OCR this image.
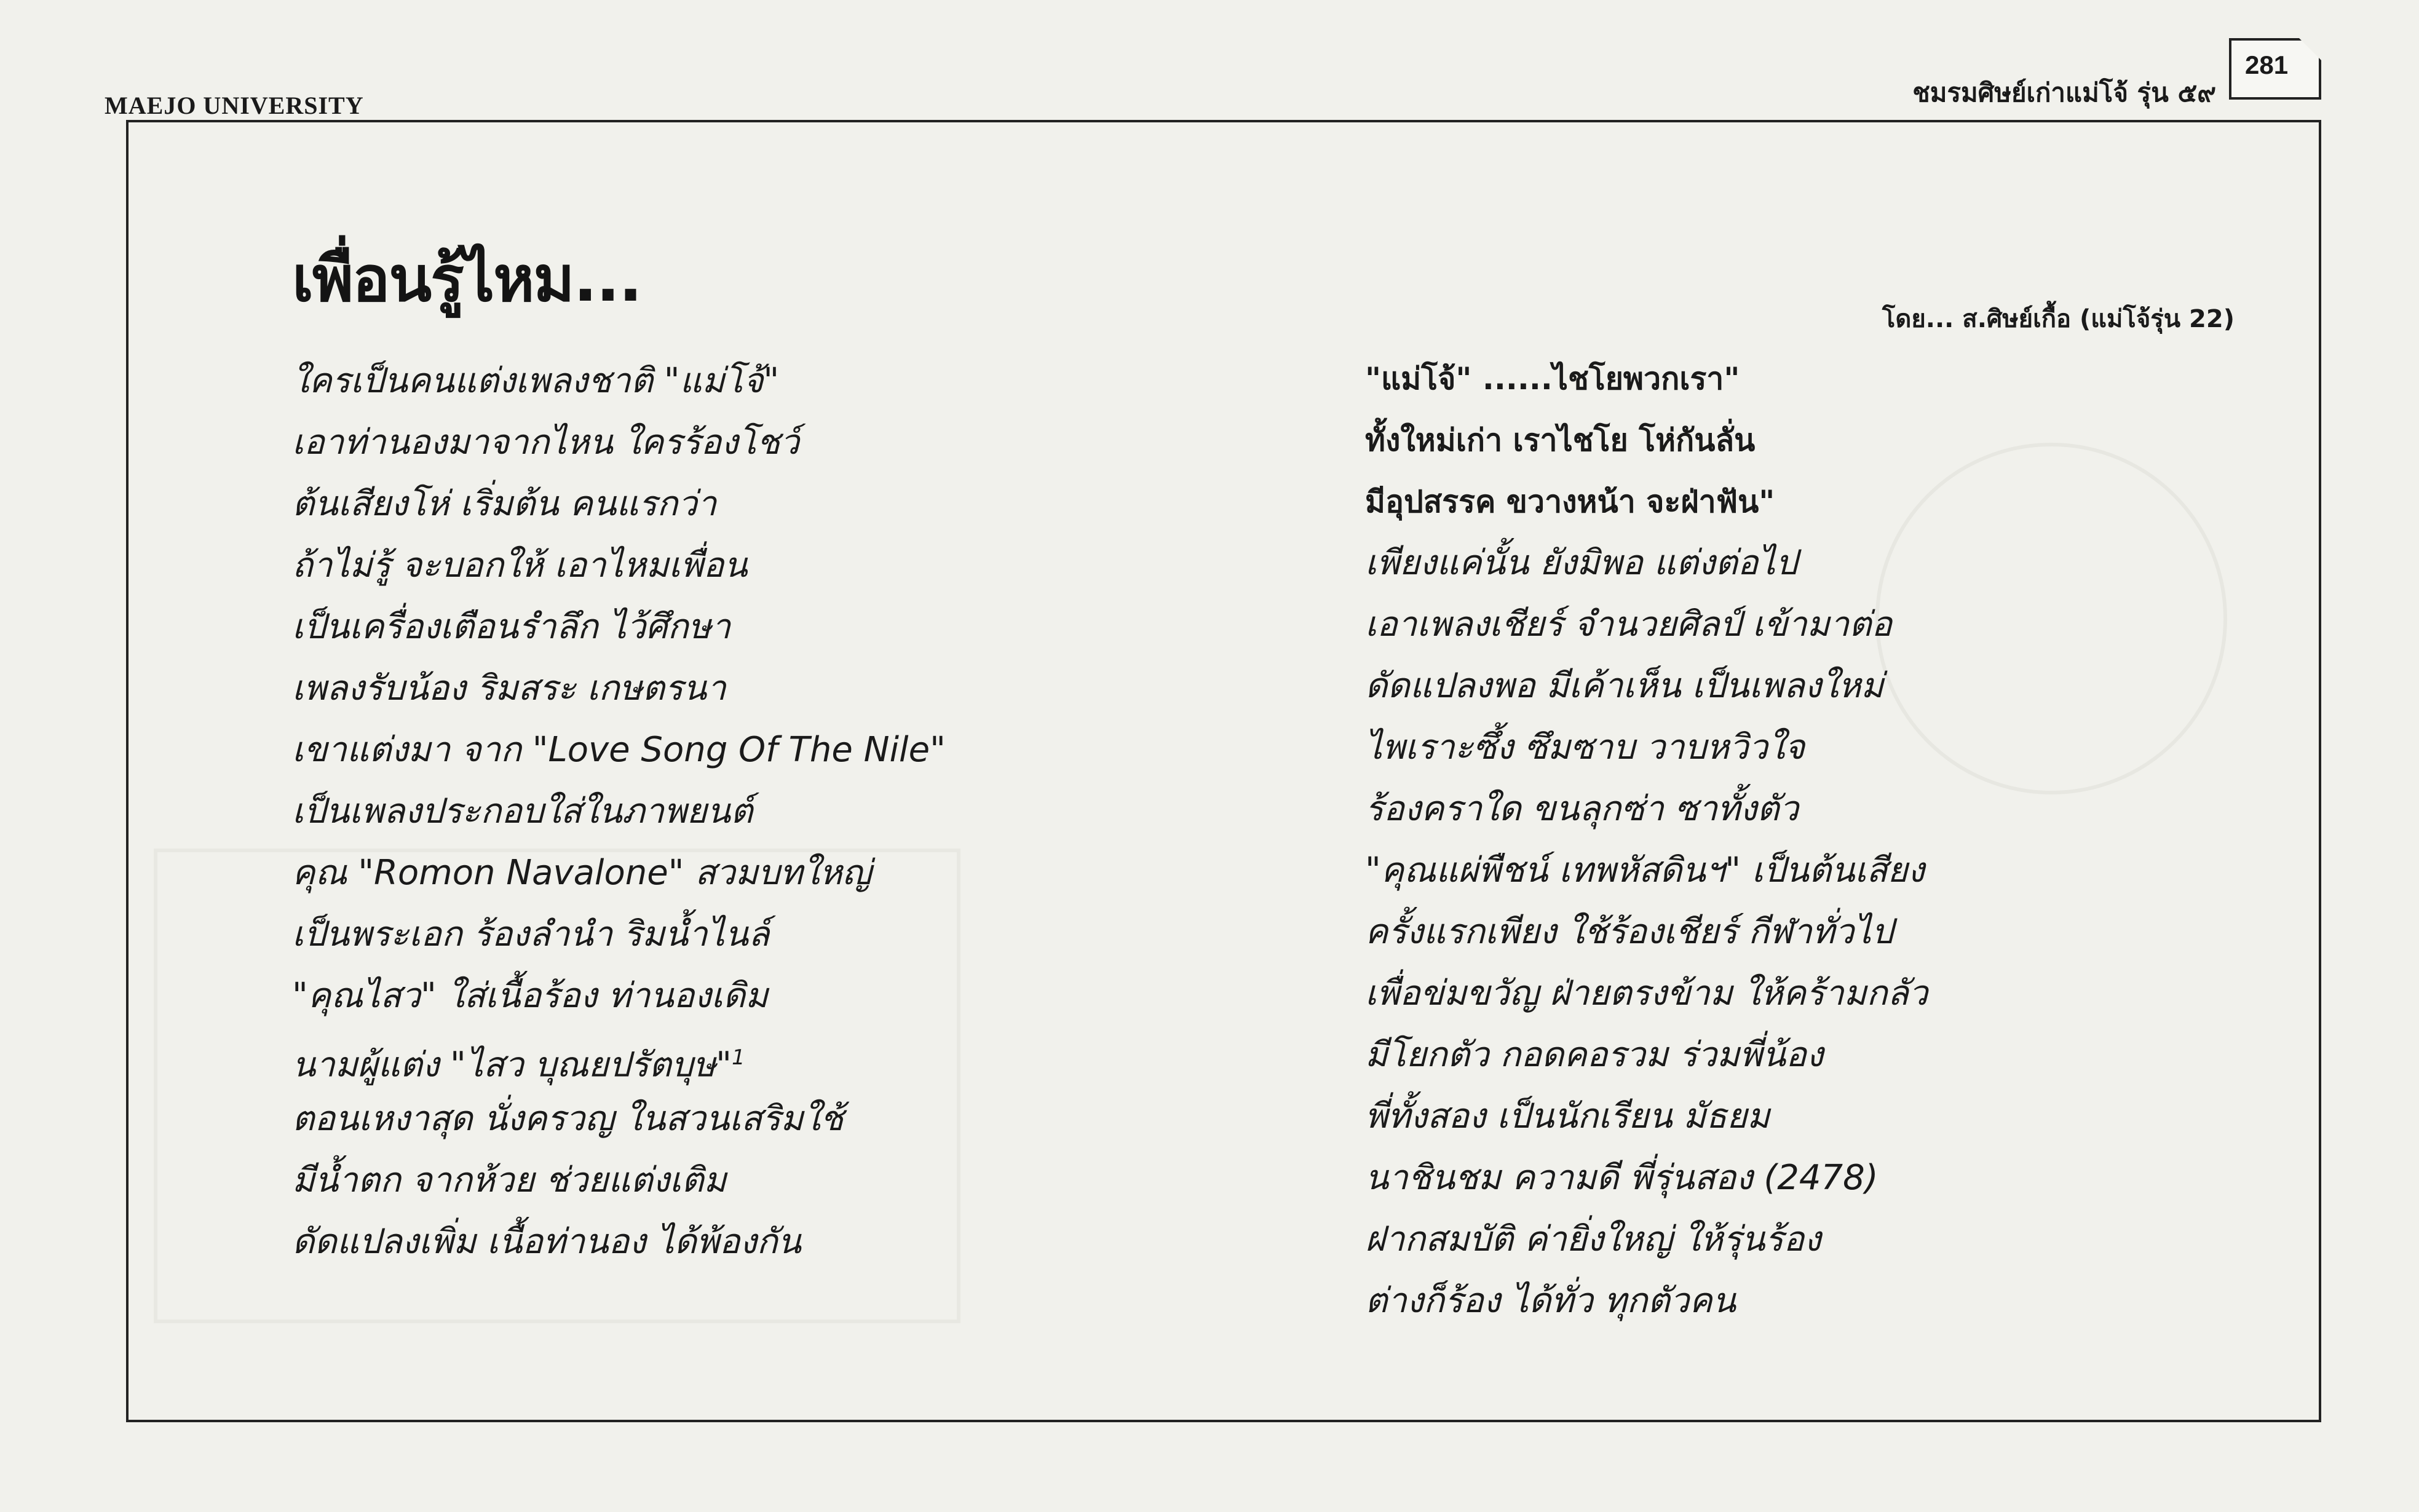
MAEJO UNIVERSITY	ชมรมศิษย์เก่าแม่โจ้ รุ่น ๕๙
281
เพื่อนรู้ไหม...
โดย... ส.ศิษย์เกื้อ (แม่โจ้รุ่น 22)
ใครเป็นคนแต่งเพลงชาติ "แม่โจ้"
เอาท่านองมาจากไหน ใครร้องโชว์
ต้นเสียงโห่ เริ่มต้น คนแรกว่า
ถ้าไม่รู้ จะบอกให้ เอาไหมเพื่อน
เป็นเครื่องเตือนรำลึก ไว้ศึกษา
เพลงรับน้อง ริมสระ เกษตรนา
เขาแต่งมา จาก "Love Song Of The Nile"
เป็นเพลงประกอบใส่ในภาพยนต์
คุณ "Romon Navalone" สวมบทใหญ่
เป็นพระเอก ร้องลำนำ ริมน้ำไนล์
"คุณไสว" ใส่เนื้อร้อง ท่านองเดิม
นามผู้แต่ง "ไสว บุณยปรัตบุษ"$^1$
ตอนเหงาสุด นั่งครวญ ในสวนเสริมใช้
มีน้ำตก จากห้วย ช่วยแต่งเติม
ดัดแปลงเพิ่ม เนื้อท่านอง ได้พ้องกัน
"แม่โจ้" ......ไชโยพวกเรา"
ทั้งใหม่เก่า เราไชโย โห่กันลั่น
มีอุปสรรค ขวางหน้า จะฝ่าฟัน"
เพียงแค่นั้น ยังมิพอ แต่งต่อไป
เอาเพลงเชียร์ จำนวยศิลป์ เข้ามาต่อ
ดัดแปลงพอ มีเค้าเห็น เป็นเพลงใหม่
ไพเราะซึ้ง ซึมซาบ วาบหวิวใจ
ร้องคราใด ขนลุกซ่า ซาทั้งตัว
"คุณแผ่พืชน์ เทพหัสดินฯ" เป็นต้นเสียง
ครั้งแรกเพียง ใช้ร้องเชียร์ กีฬาทั่วไป
เพื่อข่มขวัญ ฝ่ายตรงข้าม ให้คร้ามกลัว
มีโยกตัว กอดคอรวม ร่วมพี่น้อง
พี่ทั้งสอง เป็นนักเรียน มัธยม
นาชินชม ความดี พี่รุ่นสอง (2478)
ฝากสมบัติ ค่ายิ่งใหญ่ ให้รุ่นร้อง
ต่างก็ร้อง ได้ทั่ว ทุกตัวคน
